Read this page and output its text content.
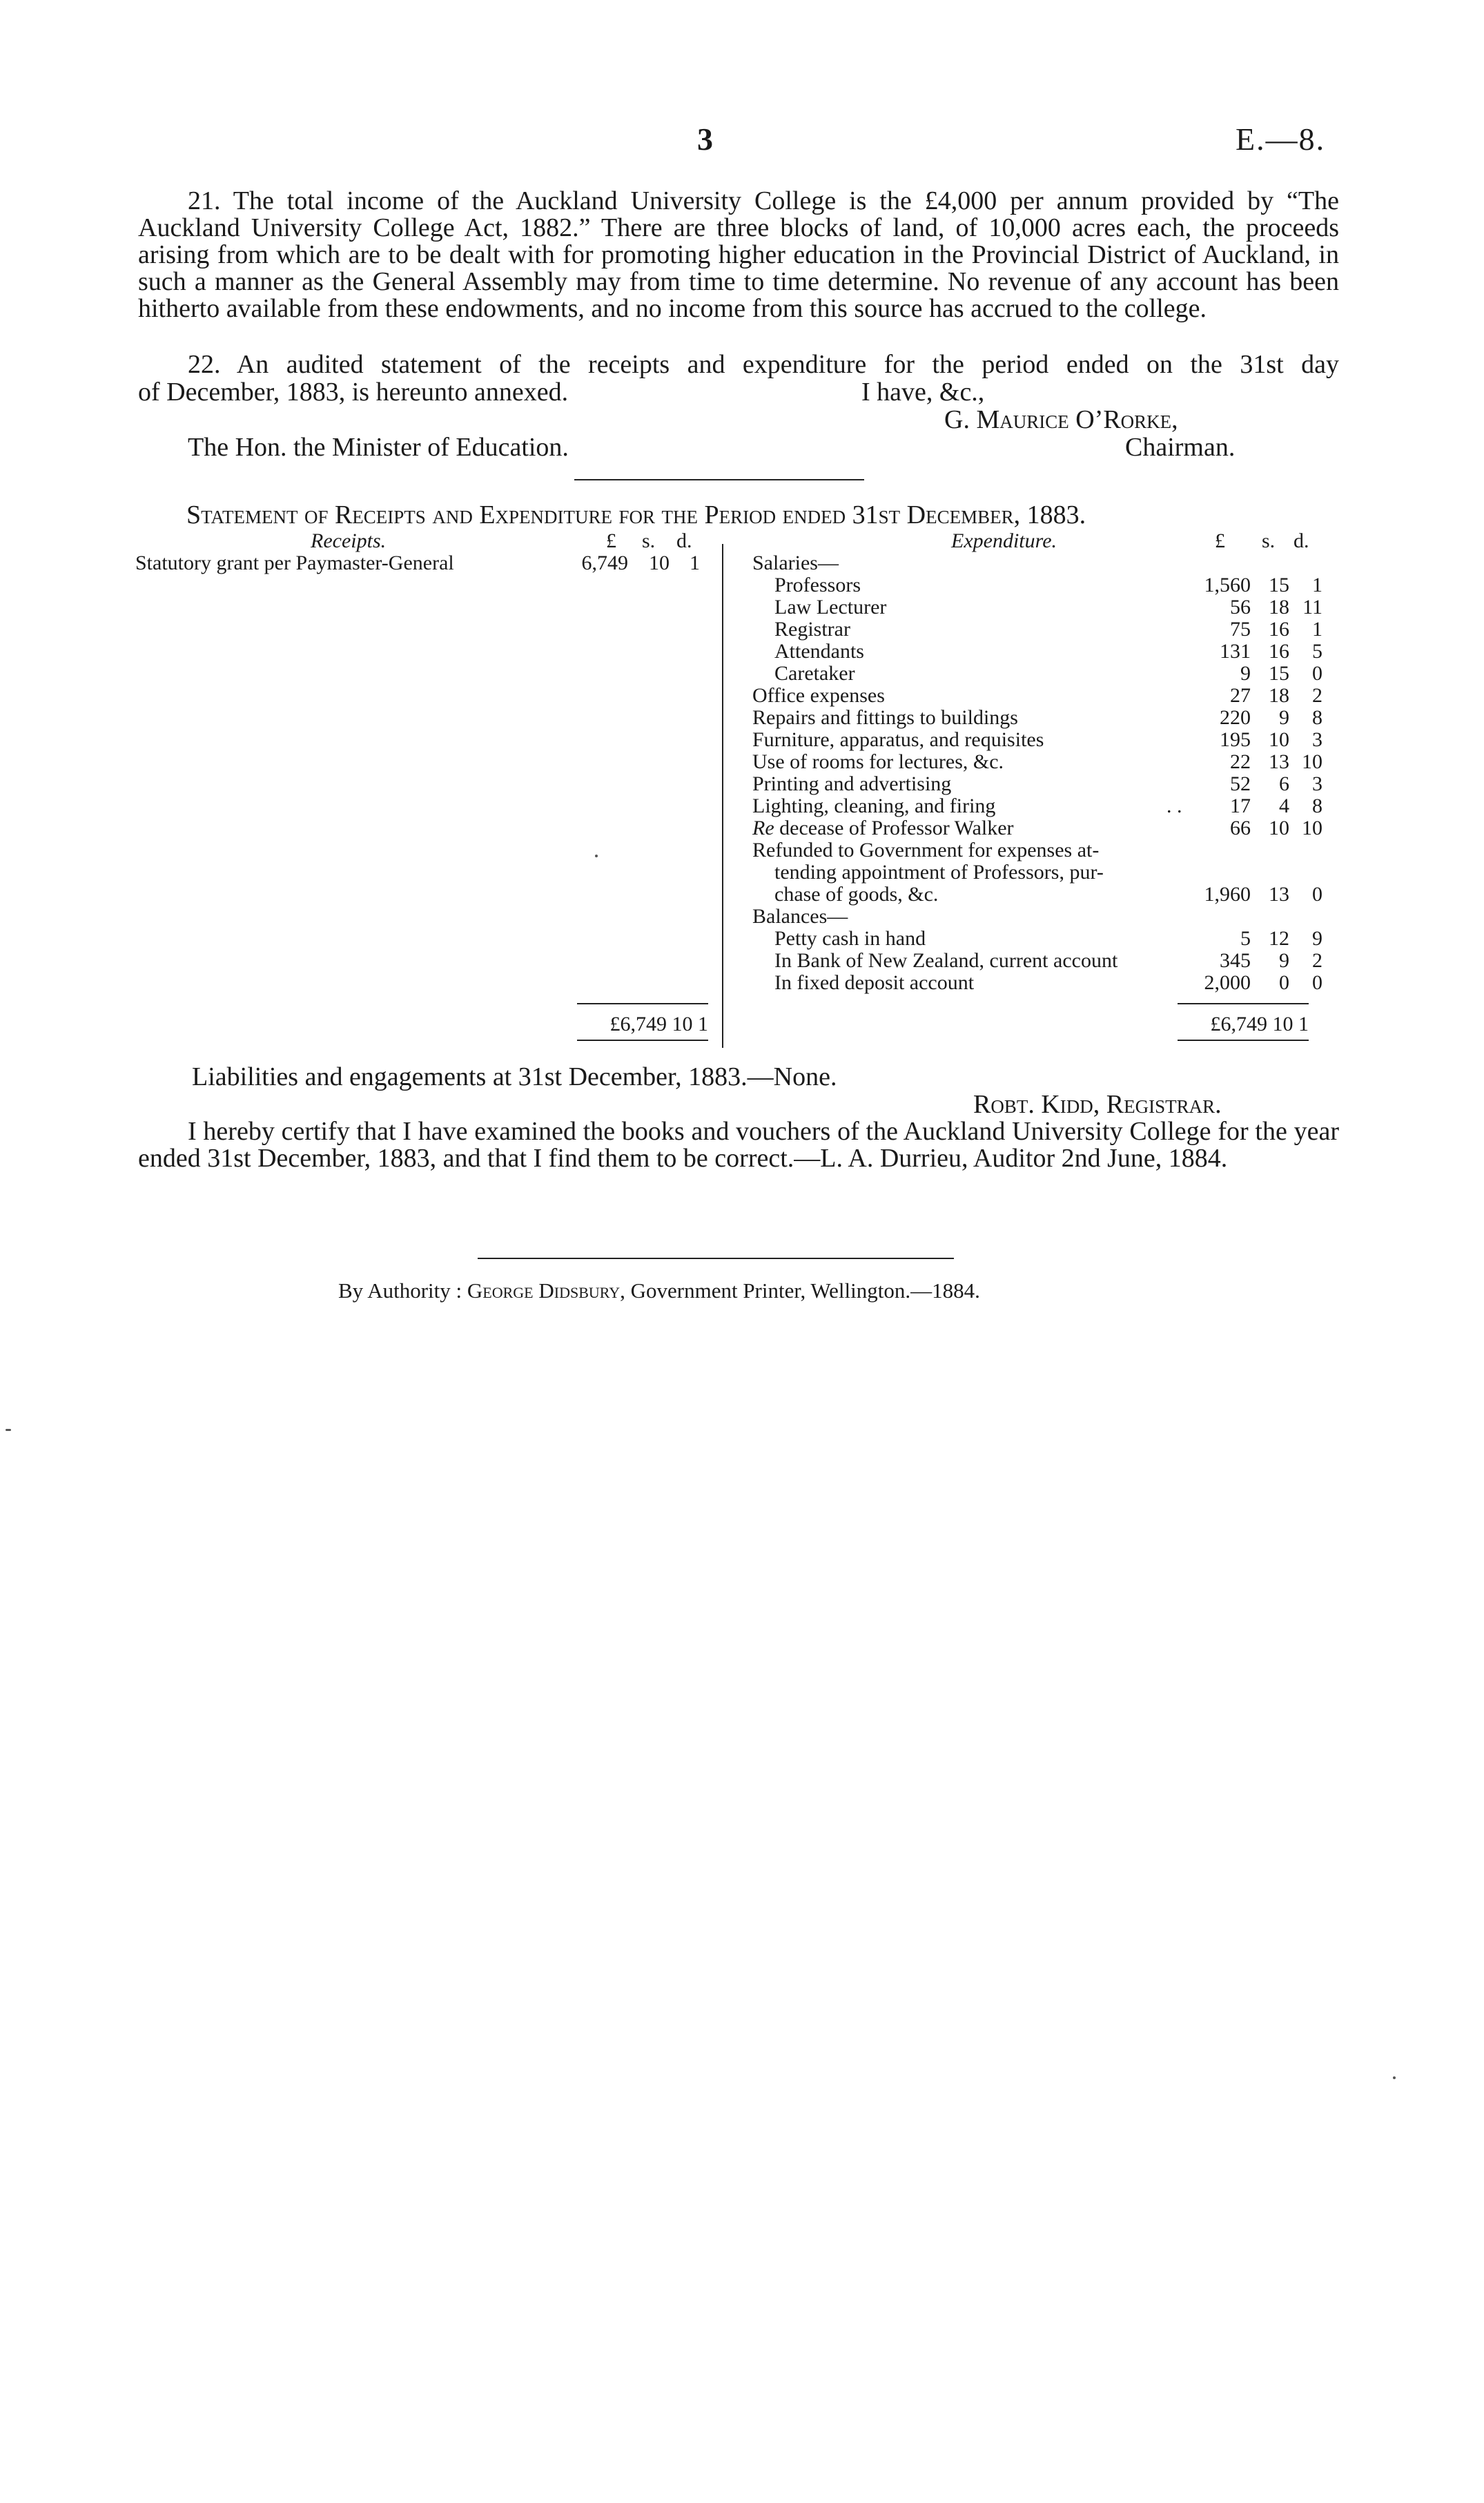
3	E.—8.

21. The total income of the Auckland University College is the £4,000 per annum provided by “The Auckland University College Act, 1882.” There are three blocks of land, of 10,000 acres each, the proceeds arising from which are to be dealt with for promoting higher education in the Provincial District of Auckland, in such a manner as the General Assembly may from time to time determine. No revenue of any account has been hitherto available from these endowments, and no income from this source has accrued to the college.

22. An audited statement of the receipts and expenditure for the period ended on the 31st day
of December, 1883, is hereunto annexed.	I have, &c.,
G. Maurice O’Rorke,
The Hon. the Minister of Education.	Chairman.
Statement of Receipts and Expenditure for the Period ended 31st December, 1883.
Receipts.	£ s. d.	Expenditure.	£ s. d.
Statutory grant per Paymaster-General	6,749	10 1	Salaries—
Professors	1,560 15	1
Law Lecturer	56 18 11
Registrar	75 16	1
Attendants	131 16	5
Caretaker	9 15	0
Office expenses	27 18	2
Repairs and fittings to buildings	220	9	8
Furniture, apparatus, and requisites	195 10	3
Use of rooms for lectures, &c.	22 13 10
Printing and advertising	52	6	3
Lighting, cleaning, and firing	. .	17	4	8
Re decease of Professor Walker	66 10 10
Refunded to Government for expenses at-
tending appointment of Professors, pur-
chase of goods, &c.	1,960 13	0
Balances—
Petty cash in hand	5 12	9
In Bank of New Zealand, current account	345	9	2
In fixed deposit account	2,000	0	0
£6,749 10 1	£6,749 10 1
Liabilities and engagements at 31st December, 1883.—None.
Robt. Kidd, Registrar.

I hereby certify that I have examined the books and vouchers of the Auckland University College for the year ended 31st December, 1883, and that I find them to be correct.—L. A. Durrieu, Auditor 2nd June, 1884.

By Authority : George Didsbury, Government Printer, Wellington.—1884.
